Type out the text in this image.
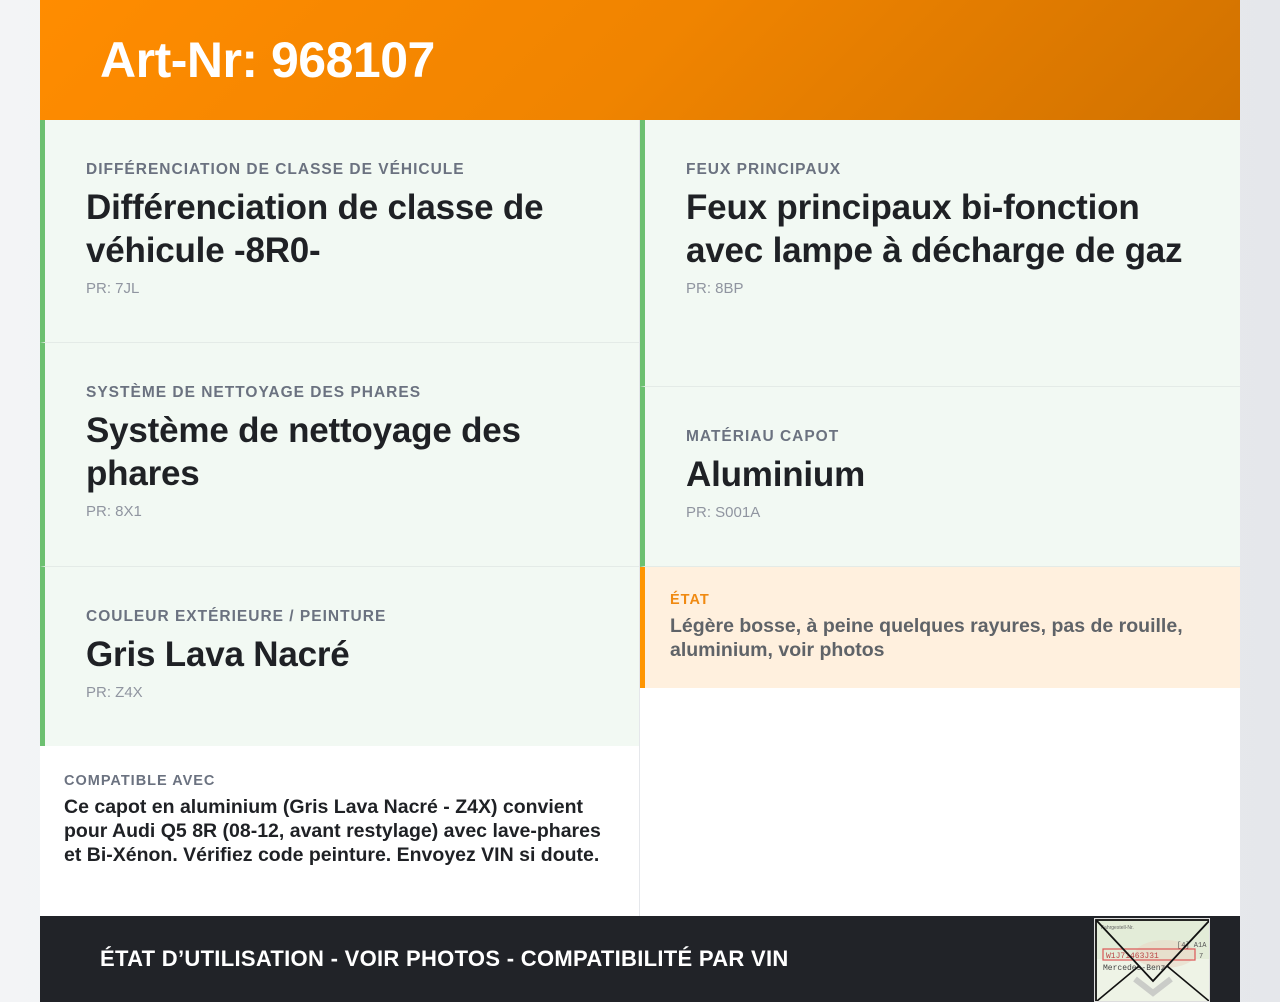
Art-Nr: 968107
DIFFÉRENCIATION DE CLASSE DE VÉHICULE
Différenciation de classe de véhicule -8R0-
PR: 7JL
SYSTÈME DE NETTOYAGE DES PHARES
Système de nettoyage des phares
PR: 8X1
COULEUR EXTÉRIEURE / PEINTURE
Gris Lava Nacré
PR: Z4X
COMPATIBLE AVEC
Ce capot en aluminium (Gris Lava Nacré - Z4X) convient pour Audi Q5 8R (08-12, avant restylage) avec lave-phares et Bi-Xénon. Vérifiez code peinture. Envoyez VIN si doute.
FEUX PRINCIPAUX
Feux principaux bi-fonction avec lampe à décharge de gaz
PR: 8BP
MATÉRIAU CAPOT
Aluminium
PR: S001A
ÉTAT
Légère bosse, à peine quelques rayures, pas de rouille, aluminium, voir photos
ÉTAT D’UTILISATION - VOIR PHOTOS - COMPATIBILITÉ PAR VIN
Fahrgestell-Nr.
[4] A1A
W1J71463J31	7
Mercedes-Benz
